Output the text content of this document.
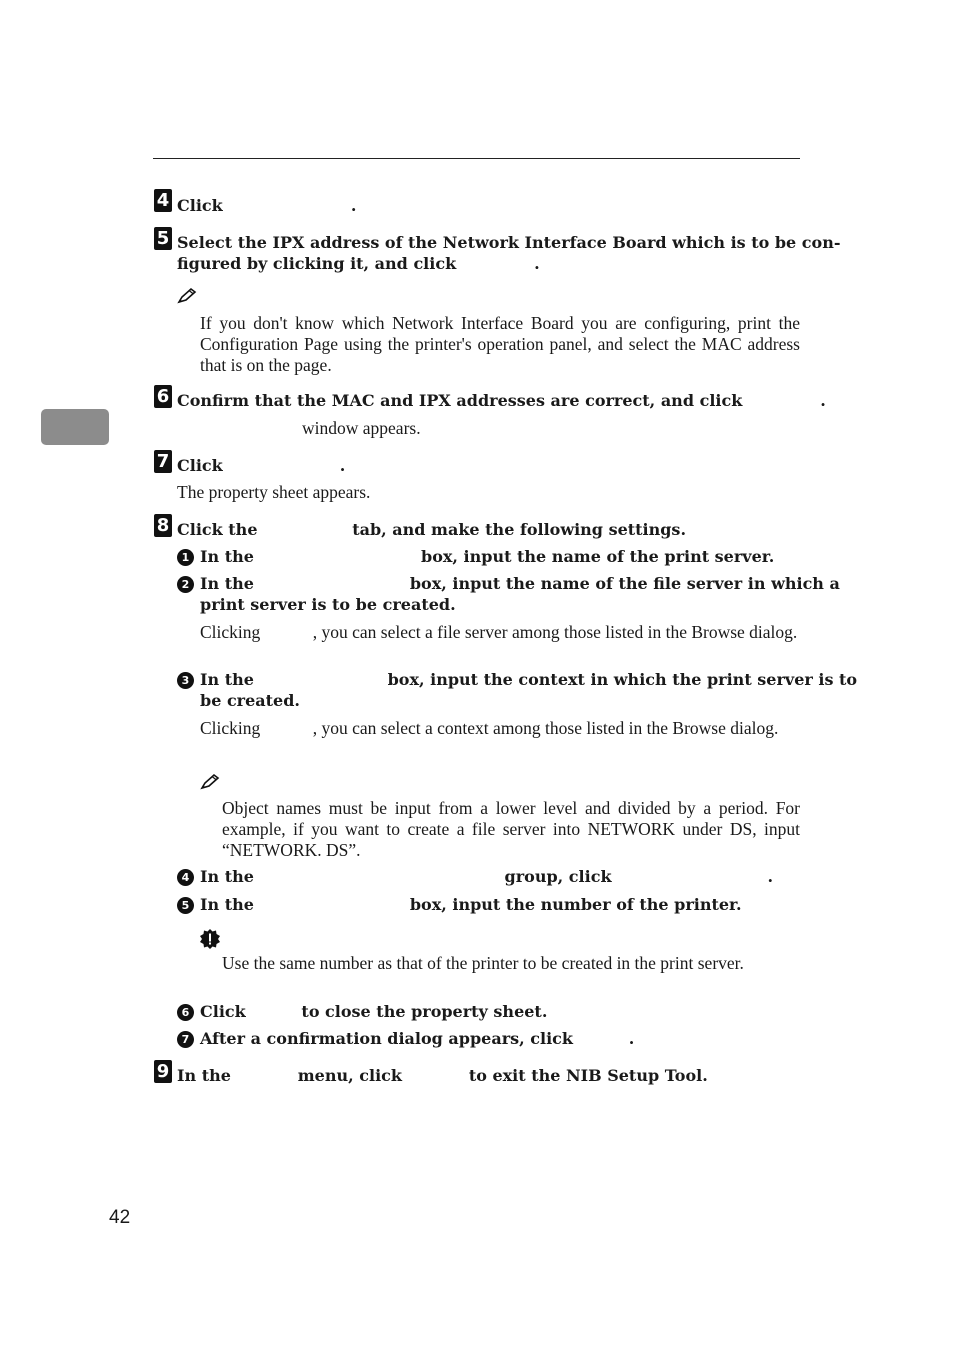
4 Click                       .
5 Select the IPX address of the Network Interface Board which is to be con-
figured by clicking it, and click              .
If you don't know which Network Interface Board you are configuring, print the Configuration Page using the printer's operation panel, and select the MAC address that is on the page.
6 Confirm that the MAC and IPX addresses are correct, and click              .
window appears.
7 Click                     .
The property sheet appears.
8 Click the                 tab, and make the following settings.
1 In the                              box, input the name of the print server.
2 In the                            box, input the name of the file server in which a
print server is to be created.
Clicking            , you can select a file server among those listed in the Browse dialog.
3 In the                        box, input the context in which the print server is to
be created.
Clicking            , you can select a context among those listed in the Browse dialog.
Object names must be input from a lower level and divided by a period. For example, if you want to create a file server into NETWORK under DS, input “NETWORK. DS”.
4 In the                                             group, click                            .
5 In the                            box, input the number of the printer.
Use the same number as that of the printer to be created in the print server.
6 Click          to close the property sheet.
7 After a confirmation dialog appears, click          .
9 In the            menu, click            to exit the NIB Setup Tool.
42
